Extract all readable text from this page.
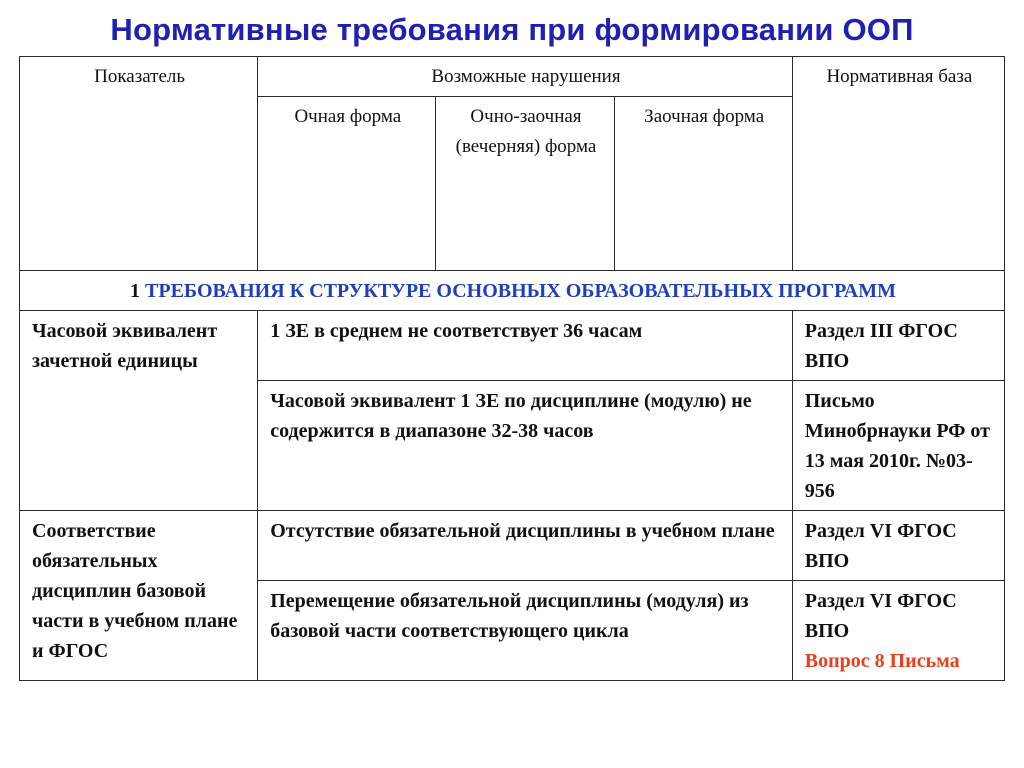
Нормативные требования при формировании ООП
Показатель	Возможные нарушения			Нормативная база
	Очная форма	Очно-заочная (вечерняя) форма	Заочная форма	
1 ТРЕБОВАНИЯ К СТРУКТУРЕ ОСНОВНЫХ ОБРАЗОВАТЕЛЬНЫХ ПРОГРАММ				
Часовой эквивалент зачетной единицы	1 ЗЕ в среднем не соответствует 36 часам			Раздел III ФГОС ВПО
	Часовой эквивалент 1 ЗЕ по дисциплине (модулю) не содержится в диапазоне 32-38 часов			Письмо Минобрнауки РФ от 13 мая 2010г. №03-956
Соответствие обязательных дисциплин базовой части в учебном плане и ФГОС	Отсутствие обязательной дисциплины в учебном плане			Раздел VI ФГОС ВПО
	Перемещение обязательной дисциплины (модуля) из базовой части соответствующего цикла			Раздел VI ФГОС ВПО
Вопрос 8 Письма
